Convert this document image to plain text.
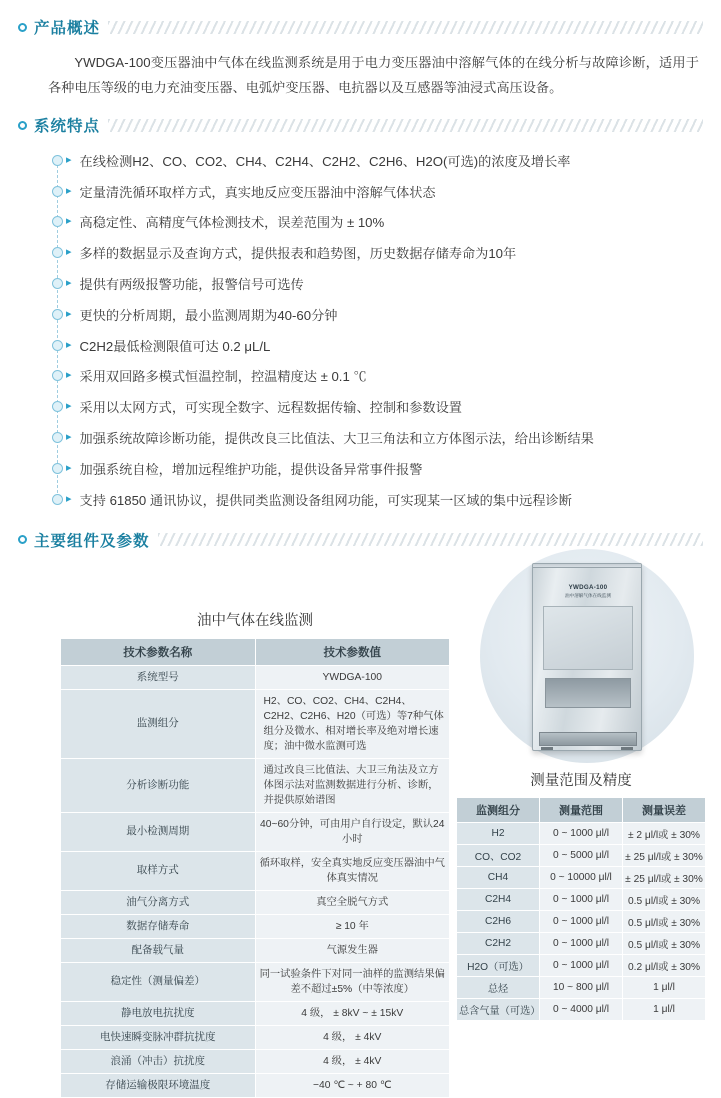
产品概述

YWDGA-100变压器油中气体在线监测系统是用于电力变压器油中溶解气体的在线分析与故障诊断，适用于各种电压等级的电力充油变压器、电弧炉变压器、电抗器以及互感器等油浸式高压设备。

系统特点
▸ 在线检测H2、CO、CO2、CH4、C2H4、C2H2、C2H6、H2O(可选)的浓度及增长率
▸ 定量清洗循环取样方式，真实地反应变压器油中溶解气体状态
▸ 高稳定性、高精度气体检测技术，误差范围为 ± 10%
▸ 多样的数据显示及查询方式，提供报表和趋势图，历史数据存储寿命为10年
▸ 提供有两级报警功能，报警信号可选传
▸ 更快的分析周期，最小监测周期为40-60分钟
▸ C2H2最低检测限值可达 0.2 μL/L
▸ 采用双回路多模式恒温控制，控温精度达 ± 0.1 ℃
▸ 采用以太网方式，可实现全数字、远程数据传输、控制和参数设置
▸ 加强系统故障诊断功能，提供改良三比值法、大卫三角法和立方体图示法，给出诊断结果
▸ 加强系统自检，增加远程维护功能，提供设备异常事件报警
▸ 支持 61850 通讯协议，提供同类监测设备组网功能，可实现某一区域的集中远程诊断
主要组件及参数
YWDGA-100
油中溶解气体在线监测
油中气体在线监测
技术参数名称	技术参数值
系统型号	YWDGA-100
监测组分	H2、CO、CO2、CH4、C2H4、C2H2、C2H6、H20（可选）等7种气体组分及微水、相对增长率及绝对增长速度；油中微水监测可选
分析诊断功能	通过改良三比值法、大卫三角法及立方体图示法对监测数据进行分析、诊断，并提供原始谱图
最小检测周期	40~60分钟，可由用户自行设定，默认24小时
取样方式	循环取样，安全真实地反应变压器油中气体真实情况
油气分离方式	真空全脱气方式
数据存储寿命	≥ 10 年
配备载气量	气源发生器
稳定性（测量偏差）	同一试验条件下对同一油样的监测结果偏差不超过±5%（中等浓度）
静电放电抗扰度	4 级， ± 8kV ~ ± 15kV
电快速瞬变脉冲群抗扰度	4 级， ± 4kV
浪涌（冲击）抗扰度	4 级， ± 4kV
存储运输极限环境温度	−40 ℃ ~ + 80 ℃
测量范围及精度
监测组分	测量范围	测量误差
H2	0 ~ 1000 μl/l	± 2 μl/l或 ± 30%
CO、CO2	0 ~ 5000 μl/l	± 25 μl/l或 ± 30%
CH4	0 ~ 10000 μl/l	± 25 μl/l或 ± 30%
C2H4	0 ~ 1000 μl/l	0.5 μl/l或 ± 30%
C2H6	0 ~ 1000 μl/l	0.5 μl/l或 ± 30%
C2H2	0 ~ 1000 μl/l	0.5 μl/l或 ± 30%
H2O（可选）	0 ~ 1000 μl/l	0.2 μl/l或 ± 30%
总烃	10 ~ 800 μl/l	1 μl/l
总含气量（可选）	0 ~ 4000 μl/l	1 μl/l
